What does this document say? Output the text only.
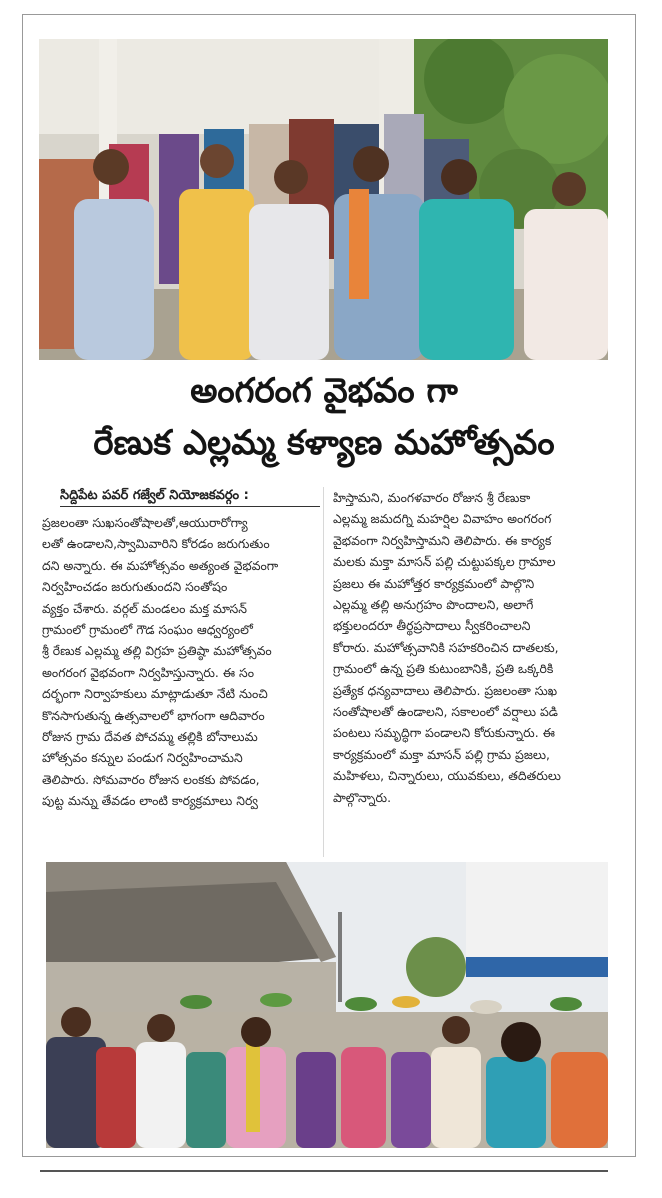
అంగరంగ వైభవం గా
రేణుక ఎల్లమ్మ కళ్యాణ మహోత్సవం
సిద్దిపేట పవర్ గజ్వేల్ నియోజకవర్గం :

ప్రజలంతా సుఖసంతోషాలతో,ఆయురారోగ్యా

లతో ఉండాలని,స్వామివారిని కోరడం జరుగుతుం

దని అన్నారు. ఈ మహోత్సవం అత్యంత వైభవంగా

నిర్వహించడం జరుగుతుందని సంతోషం

వ్యక్తం చేశారు. వర్గల్ మండలం మక్త మాసన్

గ్రామంలో గ్రామంలో గౌడ సంఘం ఆధ్వర్యంలో

శ్రీ రేణుక ఎల్లమ్మ తల్లి విగ్రహ ప్రతిష్ఠా మహోత్సవం

అంగరంగ వైభవంగా నిర్వహిస్తున్నారు. ఈ సం

దర్భంగా నిర్వాహకులు మాట్లాడుతూ నేటి నుంచి

కొనసాగుతున్న ఉత్సవాలలో భాగంగా ఆదివారం

రోజున గ్రామ దేవత పోచమ్మ తల్లికి బోనాలుమ

హోత్సవం కన్నుల పండుగ నిర్వహించామని

తెలిపారు. సోమవారం రోజున లంకకు పోవడం,

పుట్ట మన్ను తేవడం లాంటి కార్యక్రమాలు నిర్వ

హిస్తామని, మంగళవారం రోజున శ్రీ రేణుకా

ఎల్లమ్మ జమదగ్ని మహర్షిల వివాహం అంగరంగ

వైభవంగా నిర్వహిస్తామని తెలిపారు. ఈ కార్యక

మలకు మక్తా మాసన్ పల్లి చుట్టుపక్కల గ్రామాల

ప్రజలు ఈ మహోత్తర కార్యక్రమంలో పాల్గొని

ఎల్లమ్మ తల్లి అనుగ్రహం పొందాలని, అలాగే

భక్తులందరూ తీర్థప్రసాదాలు స్వీకరించాలని

కోరారు. మహోత్సవానికి సహకరించిన దాతలకు,

గ్రామంలో ఉన్న ప్రతి కుటుంబానికి, ప్రతి ఒక్కరికి

ప్రత్యేక ధన్యవాదాలు తెలిపారు. ప్రజలంతా సుఖ

సంతోషాలతో ఉండాలని, సకాలంలో వర్షాలు పడి

పంటలు సమృద్ధిగా పండాలని కోరుకున్నారు. ఈ

కార్యక్రమంలో మక్తా మాసన్ పల్లి గ్రామ ప్రజలు,

మహిళలు, చిన్నారులు, యువకులు, తదితరులు

పాల్గొన్నారు.
